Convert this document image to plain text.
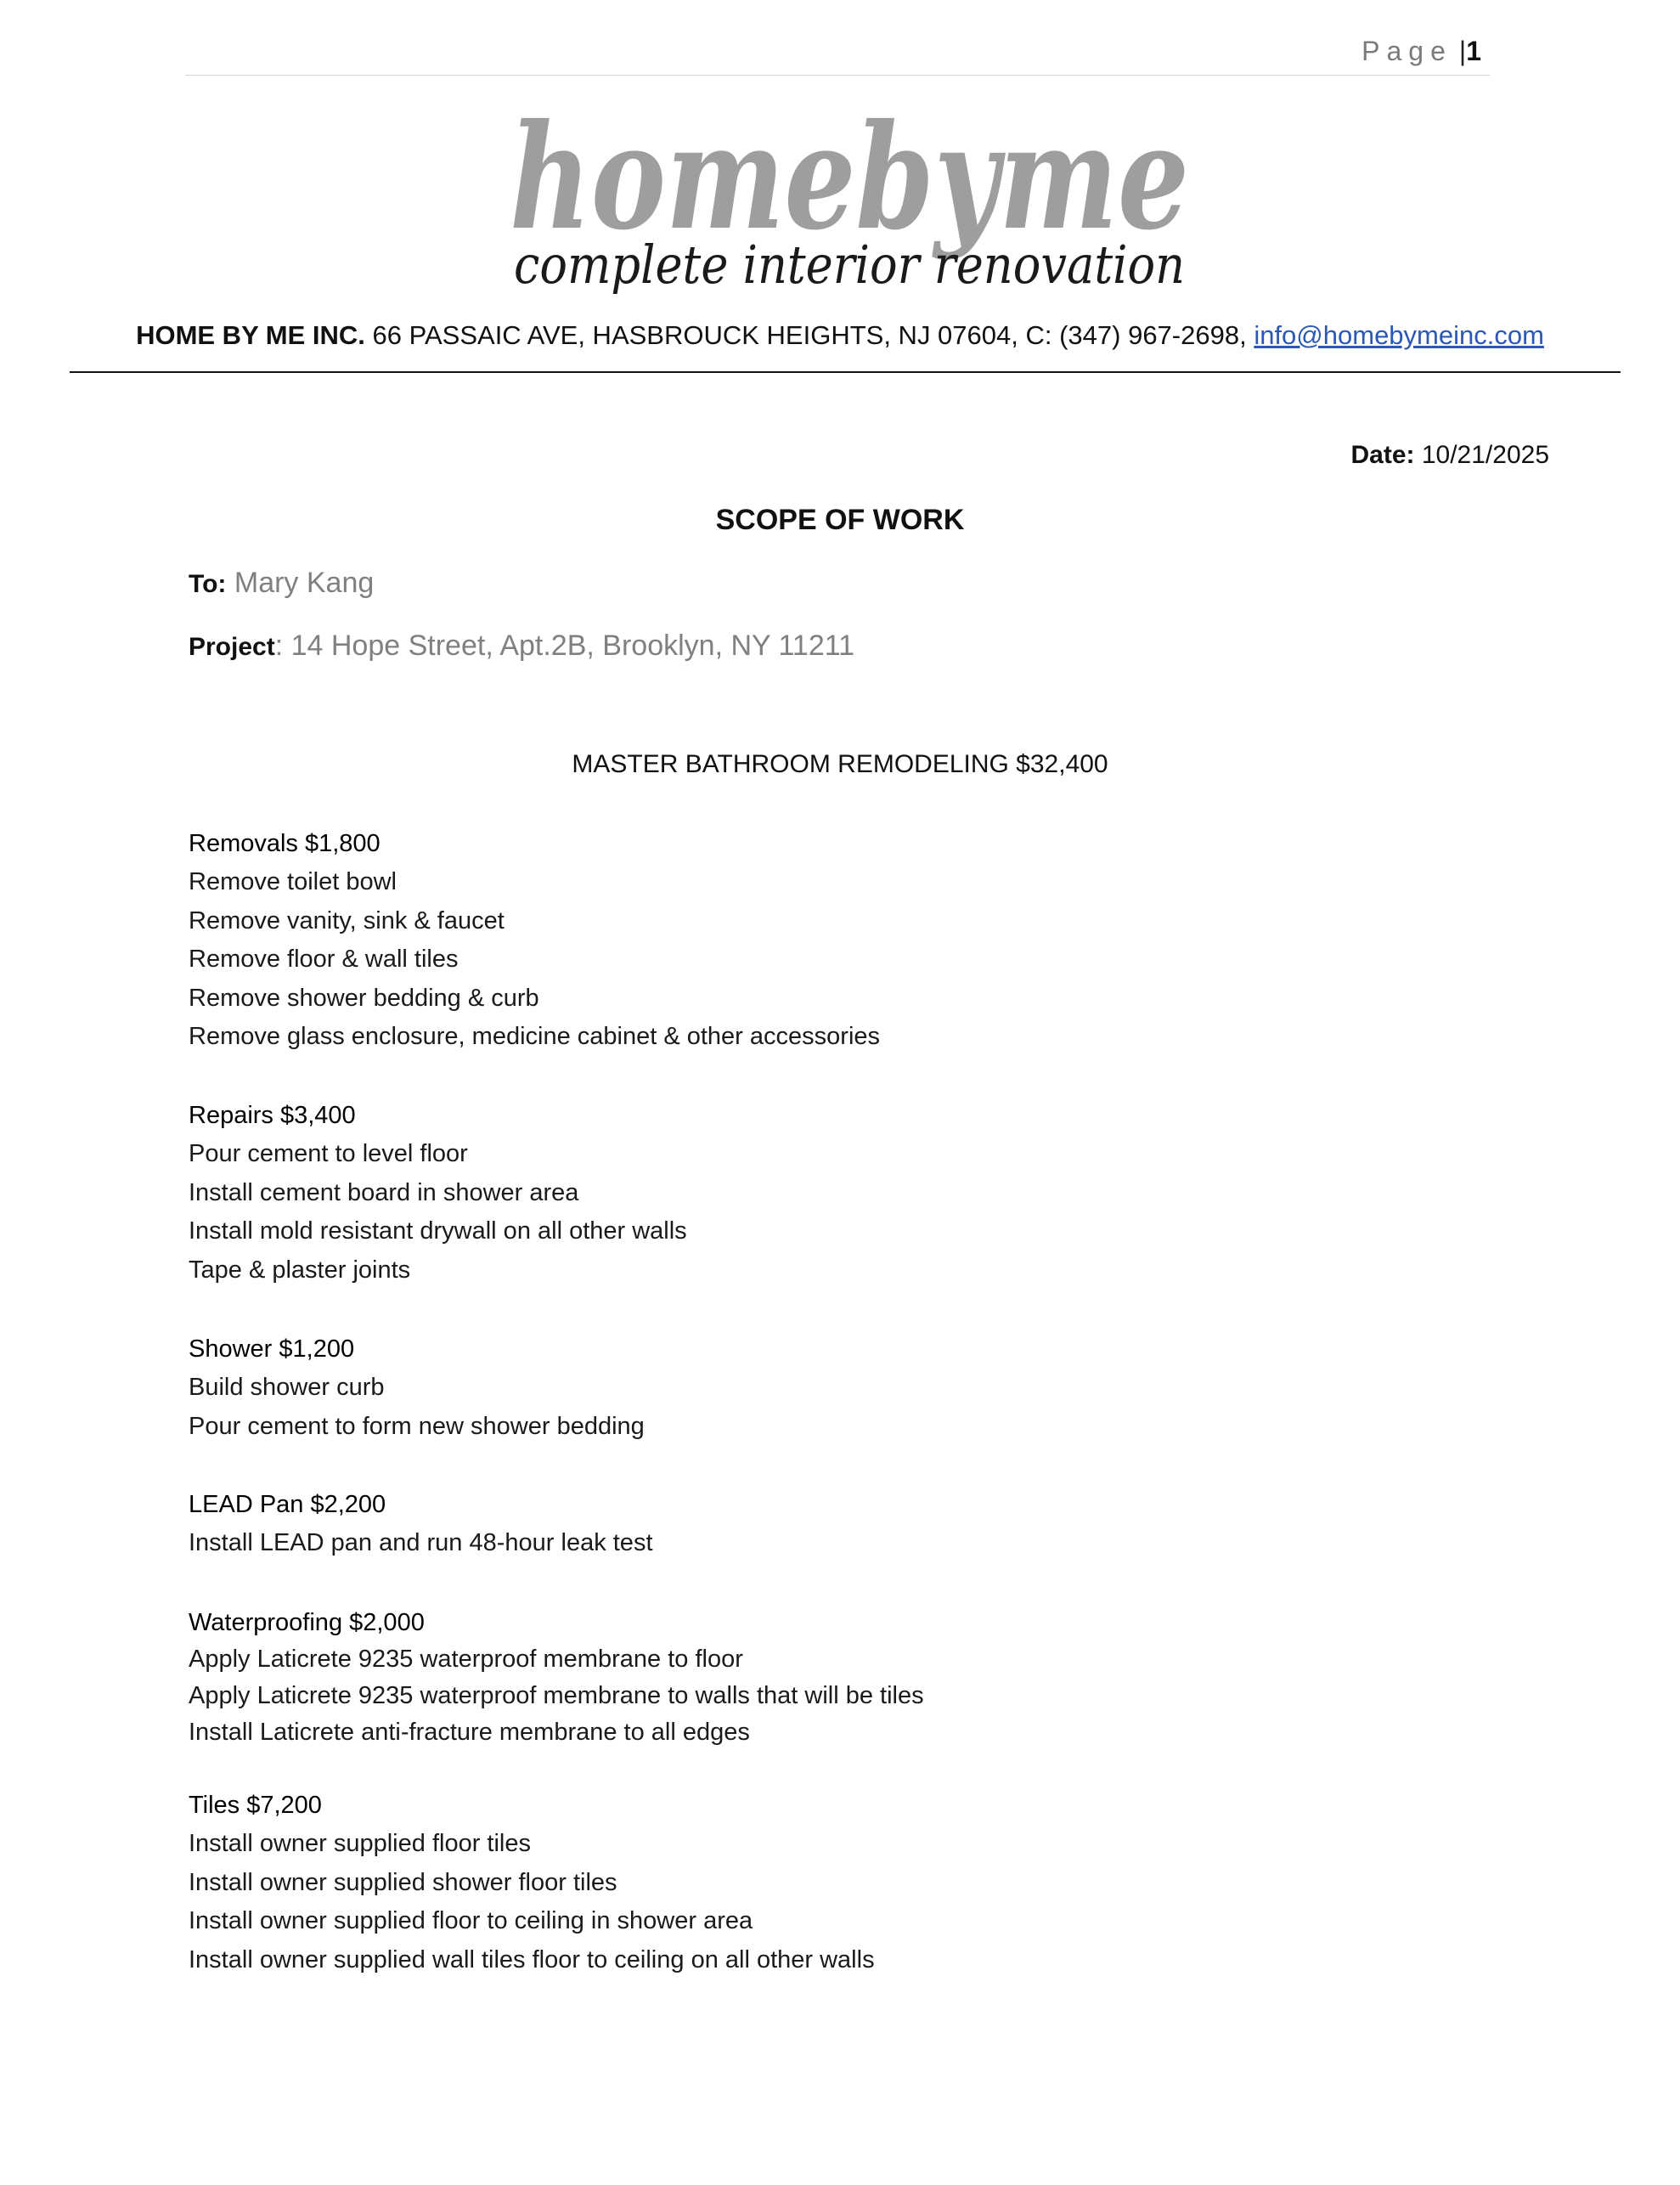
Page |1
homebyme
complete interior renovation
HOME BY ME INC. 66 PASSAIC AVE, HASBROUCK HEIGHTS, NJ 07604, C: (347) 967-2698, info@homebymeinc.com
Date: 10/21/2025
SCOPE OF WORK
To: Mary Kang
Project: 14 Hope Street, Apt.2B, Brooklyn, NY 11211
MASTER BATHROOM REMODELING $32,400
Removals $1,800
Remove toilet bowl
Remove vanity, sink & faucet
Remove floor & wall tiles
Remove shower bedding & curb
Remove glass enclosure, medicine cabinet & other accessories
Repairs $3,400
Pour cement to level floor
Install cement board in shower area
Install mold resistant drywall on all other walls
Tape & plaster joints
Shower $1,200
Build shower curb
Pour cement to form new shower bedding
LEAD Pan $2,200
Install LEAD pan and run 48-hour leak test
Waterproofing $2,000
Apply Laticrete 9235 waterproof membrane to floor
Apply Laticrete 9235 waterproof membrane to walls that will be tiles
Install Laticrete anti-fracture membrane to all edges
Tiles $7,200
Install owner supplied floor tiles
Install owner supplied shower floor tiles
Install owner supplied floor to ceiling in shower area
Install owner supplied wall tiles floor to ceiling on all other walls
